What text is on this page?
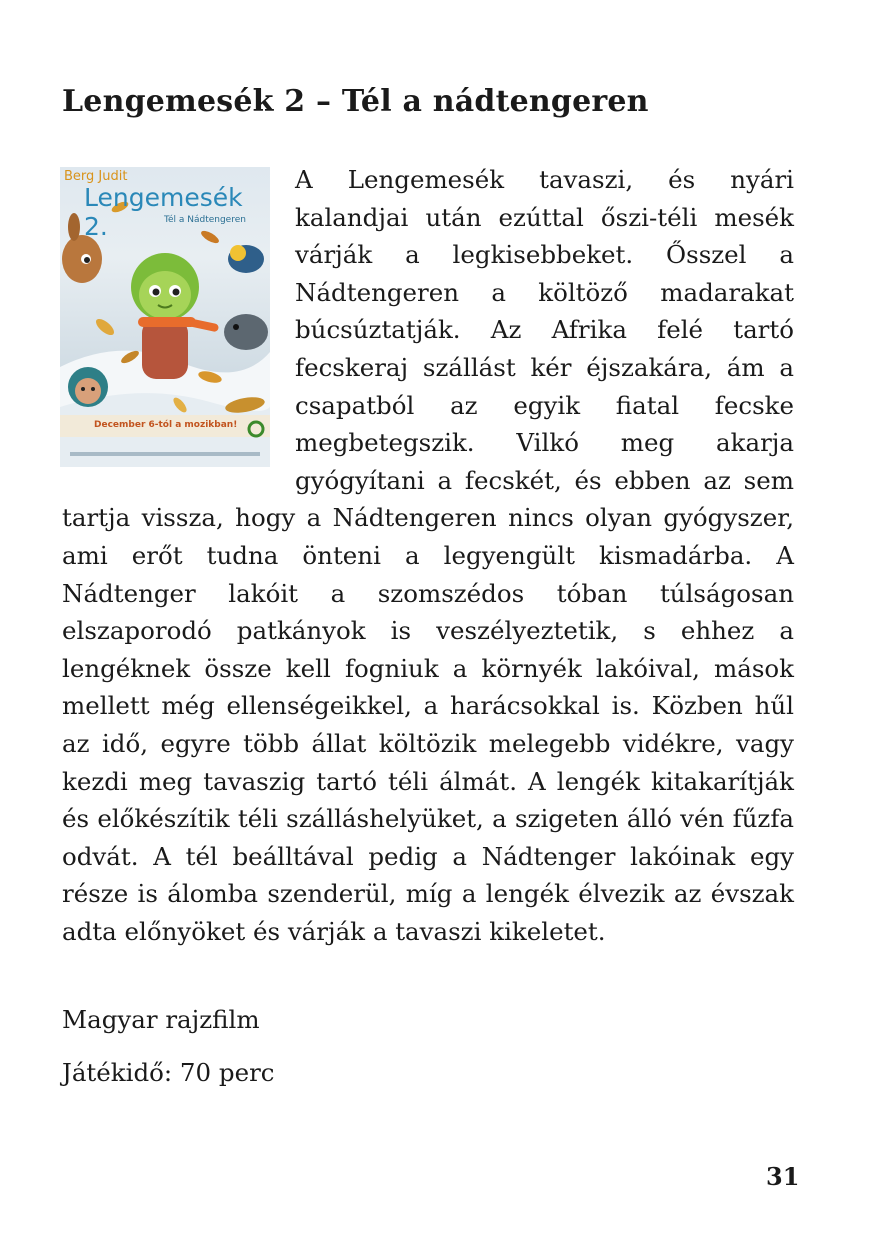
Lengemesék 2 – Tél a nádtengeren
Berg Judit
Lengemesék 2.	Tél a Nádtengeren
December 6-tól a mozikban!
A Lengemesék tavaszi, és nyári kalandjai után ezúttal őszi-téli mesék várják a legkisebbeket. Ősszel a Nádtengeren a költöző madarakat búcsúztatják. Az Afrika felé tartó fecskeraj szállást kér éjszakára, ám a csapatból az egyik fiatal fecske megbetegszik. Vilkó meg akarja gyógyítani a fecskét, és ebben az sem tartja vissza, hogy a Nádtengeren nincs olyan gyógyszer, ami erőt tudna önteni a legyengült kismadárba. A Nádtenger lakóit a szomszédos tóban túlságosan elszaporodó patkányok is veszélyeztetik, s ehhez a lengéknek össze kell fogniuk a környék lakóival, mások mellett még ellenségeikkel, a harácsokkal is. Közben hűl az idő, egyre több állat költözik melegebb vidékre, vagy kezdi meg tavaszig tartó téli álmát. A lengék kitakarítják és előkészítik téli szálláshelyüket, a szigeten álló vén fűzfa odvát. A tél beálltával pedig a Nádtenger lakóinak egy része is álomba szenderül, míg a lengék élvezik az évszak adta előnyöket és várják a tavaszi kikeletet.
Magyar rajzfilm
Játékidő: 70 perc
31
